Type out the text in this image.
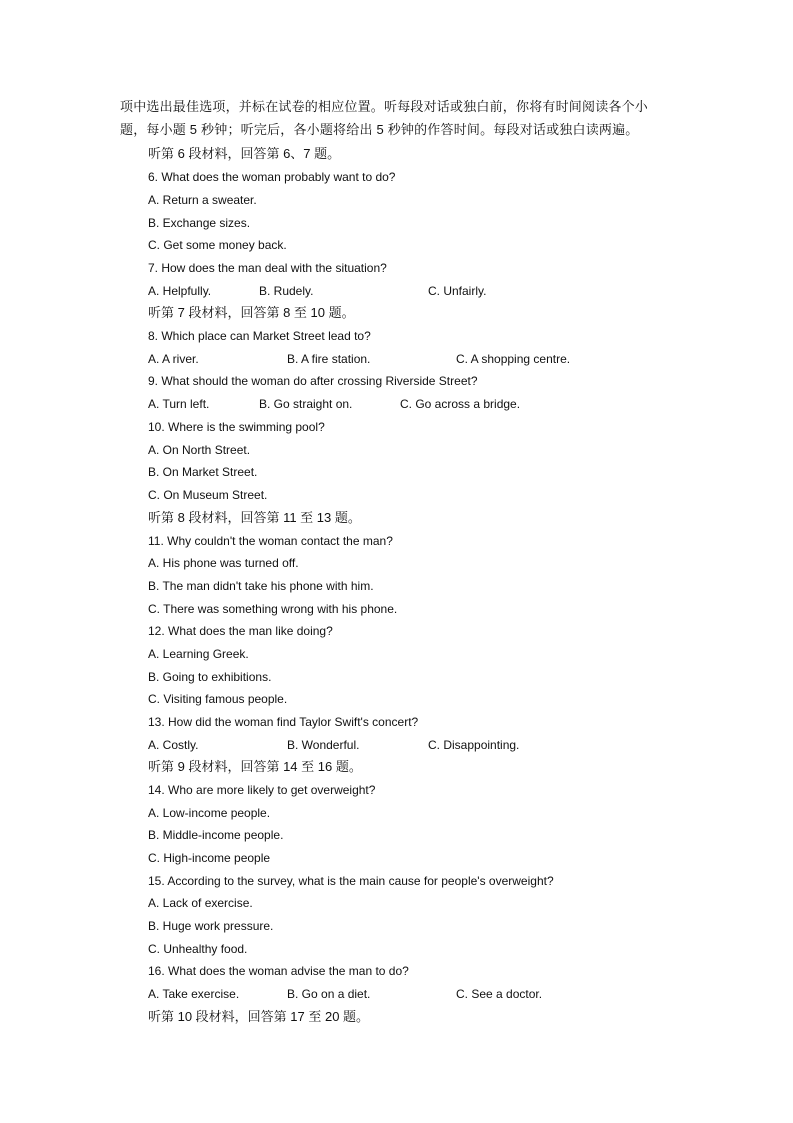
项中选出最佳选项，并标在试卷的相应位置。听每段对话或独白前，你将有时间阅读各个小
题，每小题 5 秒钟；听完后，各小题将给出 5 秒钟的作答时间。每段对话或独白读两遍。
听第 6 段材料，回答第 6、7 题。
6. What does the woman probably want to do?
A. Return a sweater.
B. Exchange sizes.
C. Get some money back.
7. How does the man deal with the situation?
A. Helpfully.	B. Rudely.	C. Unfairly.
听第 7 段材料，回答第 8 至 10 题。
8. Which place can Market Street lead to?
A. A river.	B. A fire station.	C. A shopping centre.
9. What should the woman do after crossing Riverside Street?
A. Turn left.	B. Go straight on.	C. Go across a bridge.
10. Where is the swimming pool?
A. On North Street.
B. On Market Street.
C. On Museum Street.
听第 8 段材料，回答第 11 至 13 题。
11. Why couldn't the woman contact the man?
A. His phone was turned off.
B. The man didn't take his phone with him.
C. There was something wrong with his phone.
12. What does the man like doing?
A. Learning Greek.
B. Going to exhibitions.
C. Visiting famous people.
13. How did the woman find Taylor Swift's concert?
A. Costly.	B. Wonderful.	C. Disappointing.
听第 9 段材料，回答第 14 至 16 题。
14. Who are more likely to get overweight?
A. Low-income people.
B. Middle-income people.
C. High-income people
15. According to the survey, what is the main cause for people's overweight?
A. Lack of exercise.
B. Huge work pressure.
C. Unhealthy food.
16. What does the woman advise the man to do?
A. Take exercise.	B. Go on a diet.	C. See a doctor.
听第 10 段材料，回答第 17 至 20 题。
